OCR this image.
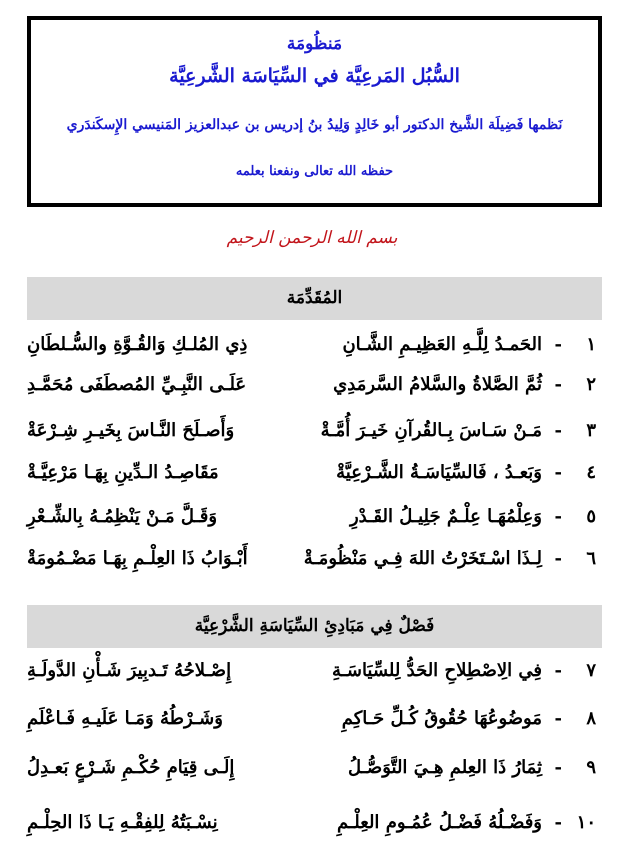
مَنظُومَة
السُّبُل المَرعِيَّة في السِّيَاسَة الشَّرعِيَّة
نَظمها فَضِيلَة الشَّيخ الدكتور أبو خَالِدٍ وَلِيدُ بنُ إدريس بن عبدالعزيز المَنيسي الإِسكَندَري
حفظه الله تعالى ونفعنا بعلمه
بسم الله الرحمن الرحيم
المُقَدِّمَة
١
-
الحَمـدُ لِلَّـهِ العَظِيـمِ الشَّـانِ
ذِي المُلـكِ وَالقُـوَّةِ والسُّـلطَانِ
٢
-
ثُمَّ الصَّلاةُ والسَّلامُ السَّرمَدِي
عَلَـى النَّبِـيِّ المُصطَفَى مُحَمَّـدِ
٣
-
مَـنْ سَـاسَ بِـالقُرآنِ خَيـرَ أُمَّـةْ
وَأَصـلَحَ النَّـاسَ بِخَيـرِ شِـرْعَةْ
٤
-
وَبَعـدُ ، فَالسِّيَاسَـةُ الشَّـرْعِيَّةْ
مَقَاصِـدُ الـدِّينِ بِهَـا مَرْعِيَّـةْ
٥
-
وَعِلْمُهَـا عِلْـمٌ جَلِيـلُ القَـدْرِ
وَقَـلَّ مَـنْ يَنْظِمُـهُ بِالشِّـعْرِ
٦
-
لِـذَا اسْـتَخَرْتُ اللهَ فِـي مَنْظُومَـةْ
أَبْـوَابُ ذَا العِلْـمِ بِهَـا مَضْـمُومَةْ
فَصْلٌ فِي مَبَادِئِ السِّيَاسَةِ الشَّرْعِيَّة
٧
-
فِي الِاصْطِلاحِ الحَدُّ لِلسِّيَاسَـةِ
إِصْـلاحُهُ تَـدبِيرَ شَـأْنِ الدَّولَـةِ
٨
-
مَوضُوعُهَا حُقُوقُ كُـلِّ حَـاكِمِ
وَشَـرْطُهُ وَمَـا عَلَيـهِ فَـاعْلَمِ
٩
-
ثِمَارُ ذَا العِلمِ هِـيَ التَّوَصُّـلُ
إِلَـى قِيَامِ حُكْـمِ شَـرْعٍ بَعـدِلُ
١٠
-
وَفَضْـلُهُ فَضْـلُ عُمُـومِ العِلْـمِ
نِسْـبَتُهُ لِلفِقْـهِ يَـا ذَا الحِلْـمِ
